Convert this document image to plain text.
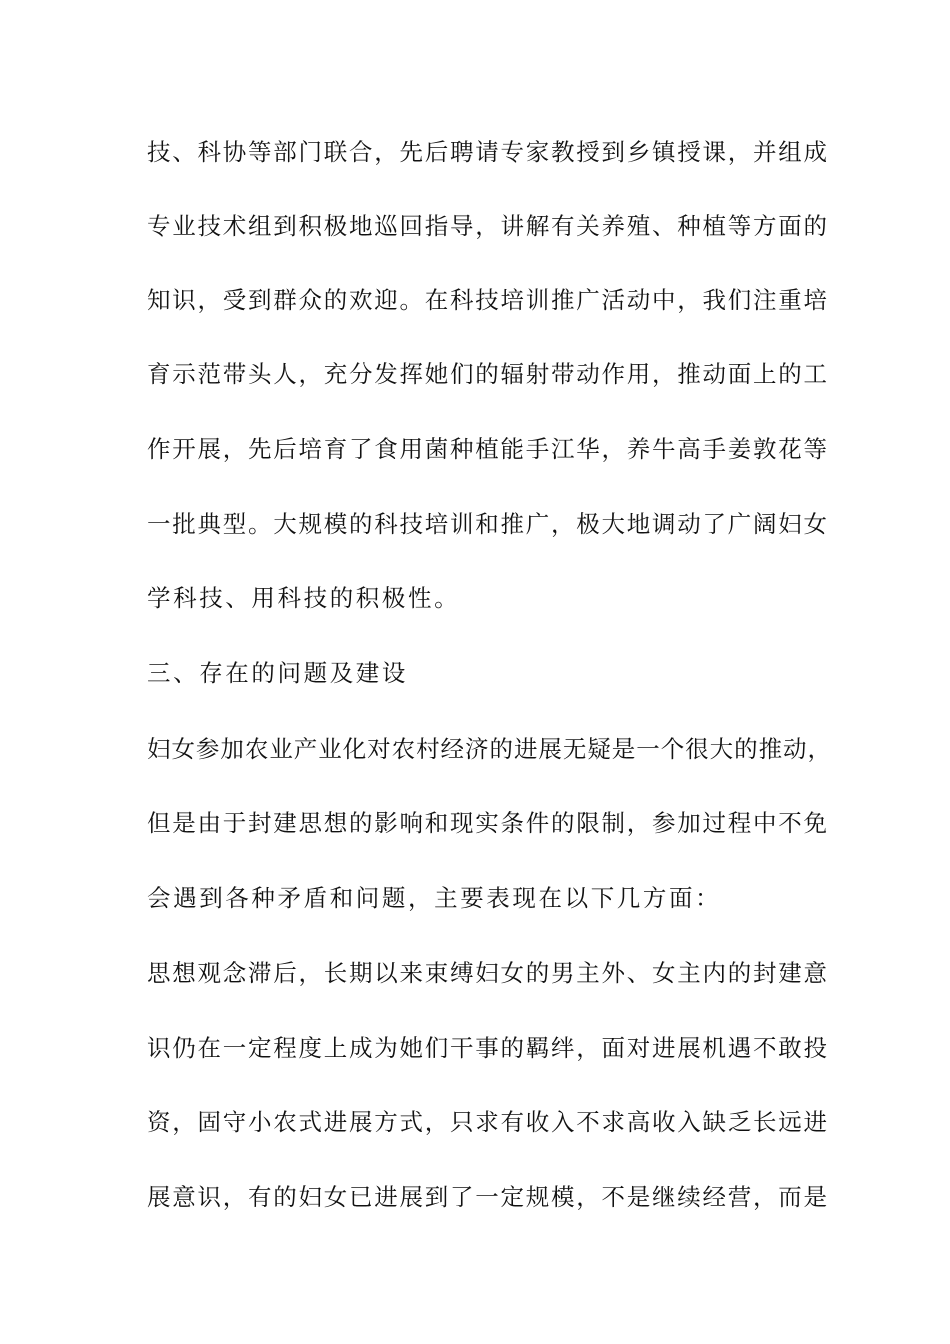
技、科协等部门联合，先后聘请专家教授到乡镇授课，并组成
专业技术组到积极地巡回指导，讲解有关养殖、种植等方面的
知识，受到群众的欢迎。在科技培训推广活动中，我们注重培
育示范带头人，充分发挥她们的辐射带动作用，推动面上的工
作开展，先后培育了食用菌种植能手江华，养牛高手姜敦花等
一批典型。大规模的科技培训和推广，极大地调动了广阔妇女
学科技、用科技的积极性。
三、存在的问题及建设
妇女参加农业产业化对农村经济的进展无疑是一个很大的推动，
但是由于封建思想的影响和现实条件的限制，参加过程中不免
会遇到各种矛盾和问题，主要表现在以下几方面：
思想观念滞后，长期以来束缚妇女的男主外、女主内的封建意
识仍在一定程度上成为她们干事的羁绊，面对进展机遇不敢投
资，固守小农式进展方式，只求有收入不求高收入缺乏长远进
展意识，有的妇女已进展到了一定规模，不是继续经营，而是
